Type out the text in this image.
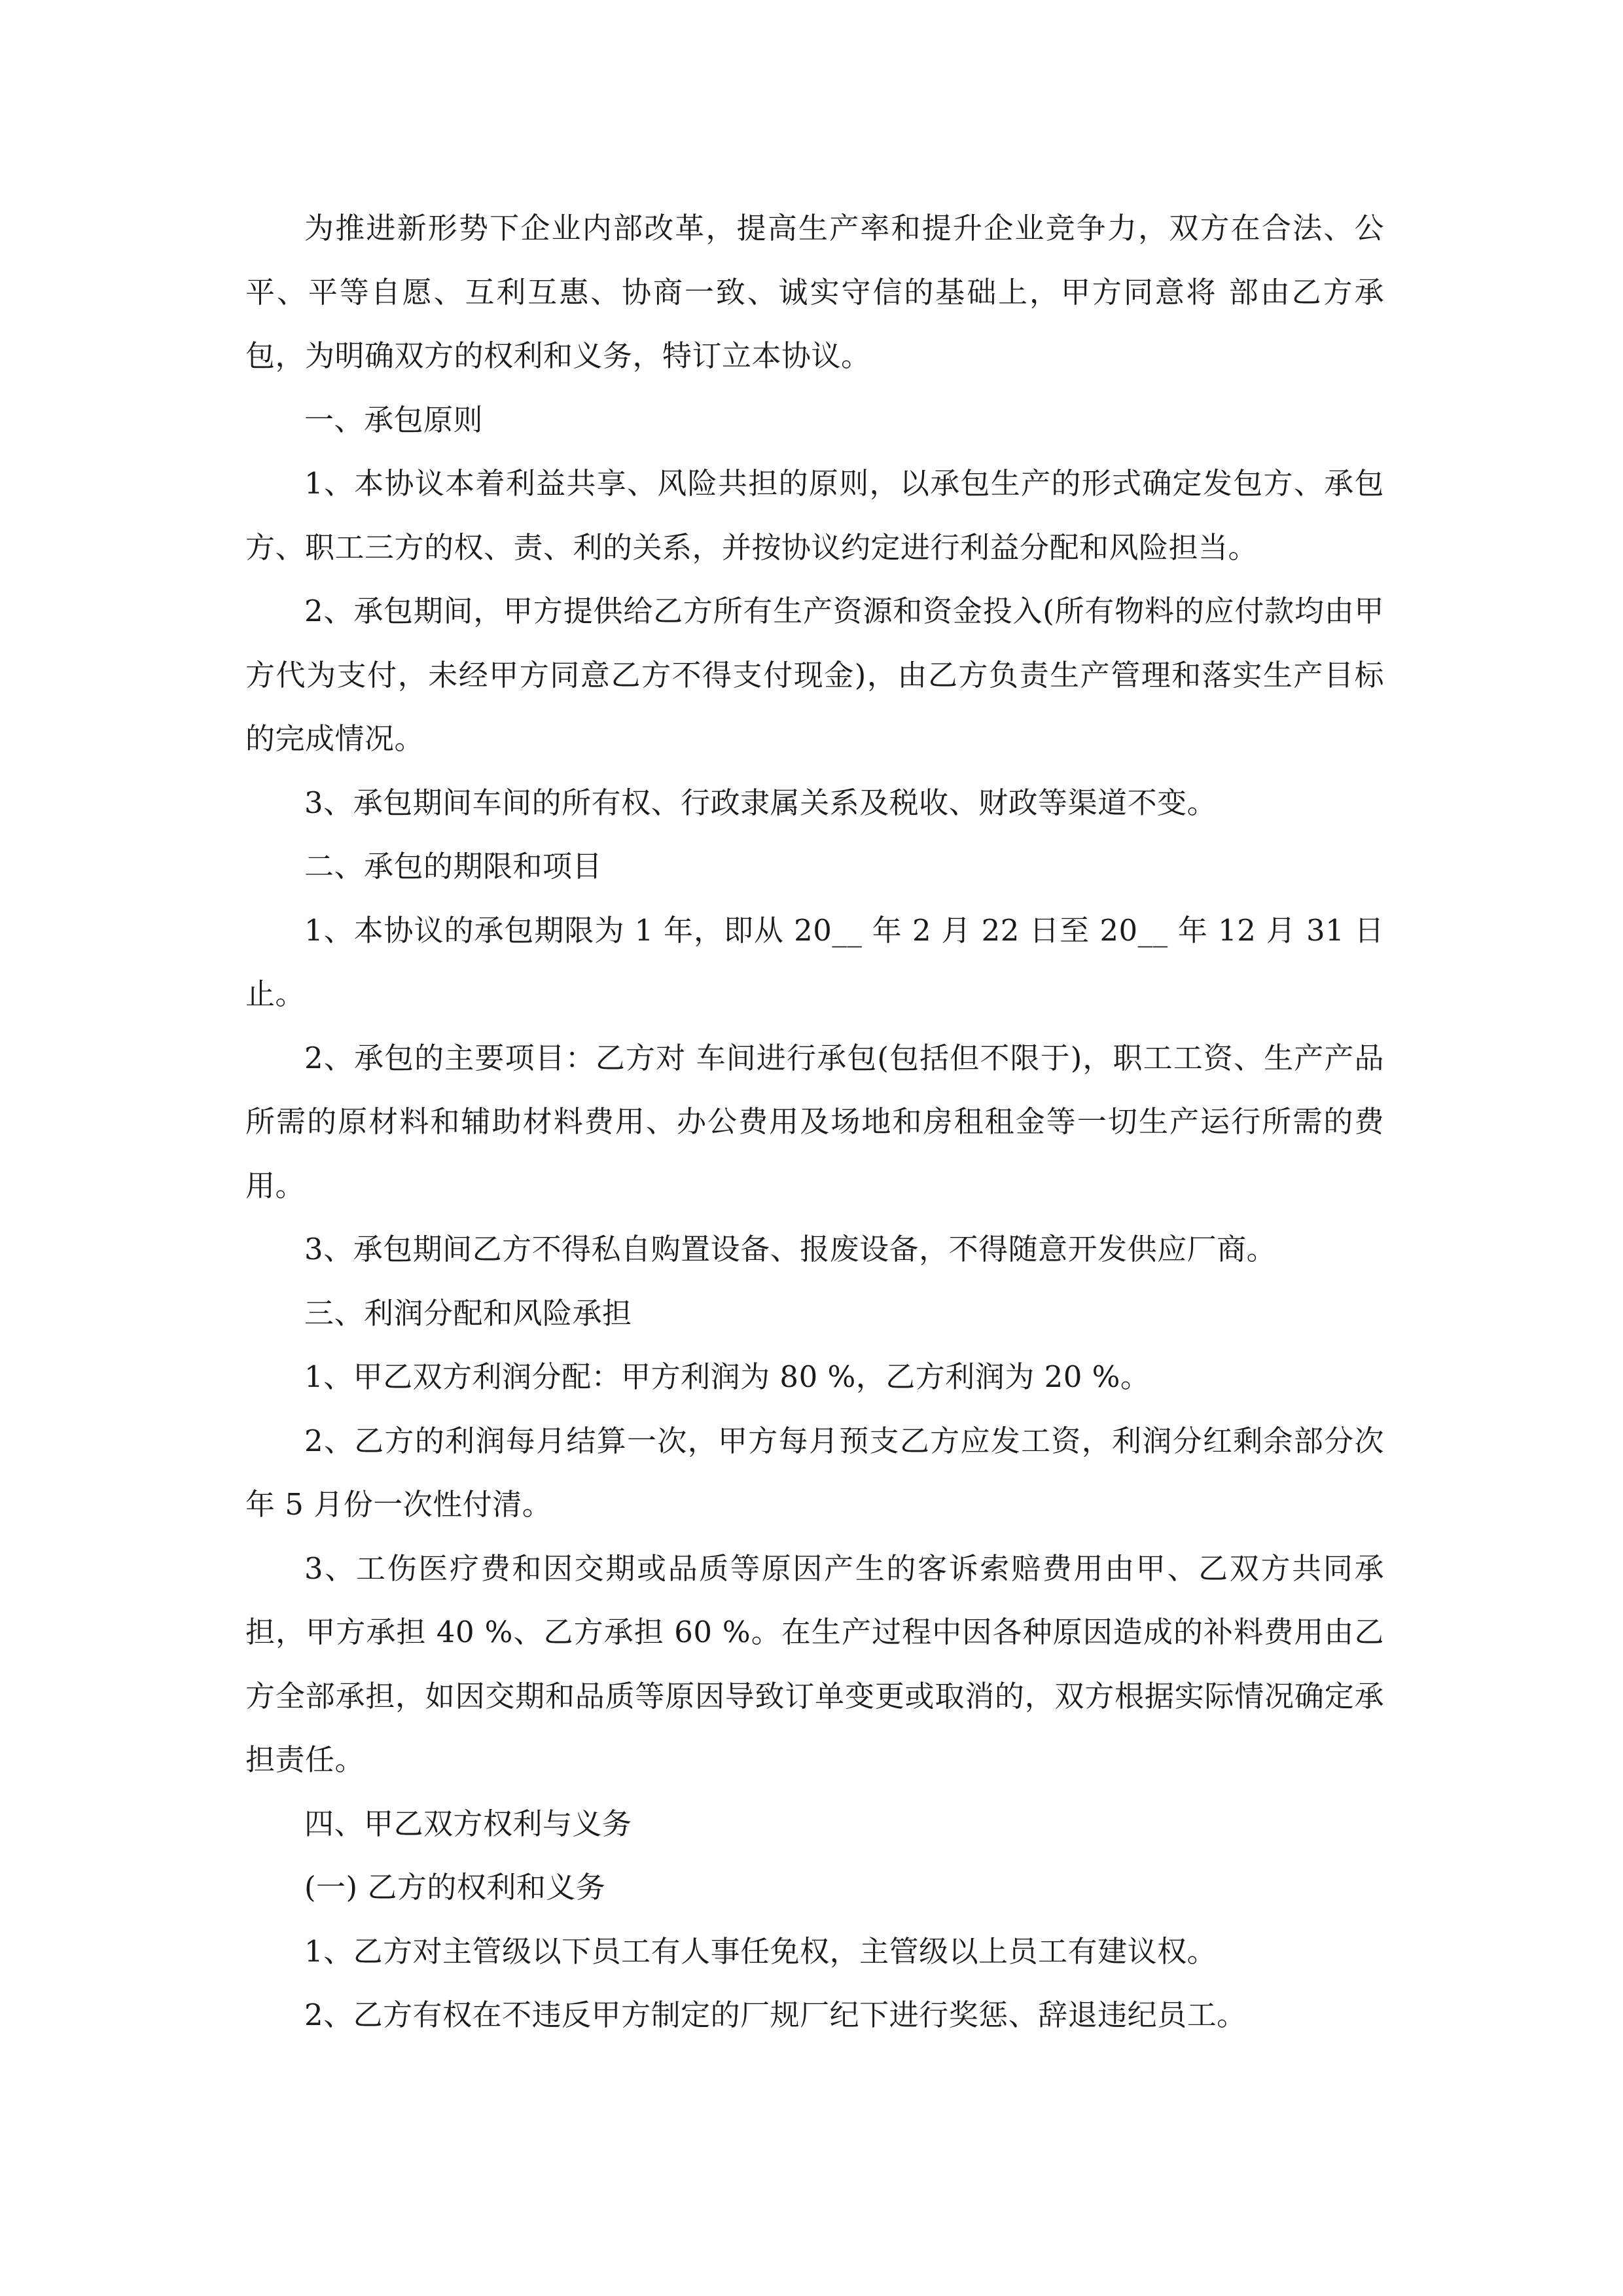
为推进新形势下企业内部改革，提高生产率和提升企业竞争力，双方在合法、公平、平等自愿、互利互惠、协商一致、诚实守信的基础上，甲方同意将 部由乙方承包，为明确双方的权利和义务，特订立本协议。

一、承包原则

1、本协议本着利益共享、风险共担的原则，以承包生产的形式确定发包方、承包方、职工三方的权、责、利的关系，并按协议约定进行利益分配和风险担当。

2、承包期间，甲方提供给乙方所有生产资源和资金投入(所有物料的应付款均由甲方代为支付，未经甲方同意乙方不得支付现金)，由乙方负责生产管理和落实生产目标的完成情况。

3、承包期间车间的所有权、行政隶属关系及税收、财政等渠道不变。

二、承包的期限和项目

1、本协议的承包期限为 1 年，即从 20__ 年 2 月 22 日至 20__ 年 12 月 31 日止。

2、承包的主要项目：乙方对 车间进行承包(包括但不限于)，职工工资、生产产品所需的原材料和辅助材料费用、办公费用及场地和房租租金等一切生产运行所需的费用。

3、承包期间乙方不得私自购置设备、报废设备，不得随意开发供应厂商。

三、利润分配和风险承担

1、甲乙双方利润分配：甲方利润为 80 %，乙方利润为 20 %。

2、乙方的利润每月结算一次，甲方每月预支乙方应发工资，利润分红剩余部分次年 5 月份一次性付清。

3、工伤医疗费和因交期或品质等原因产生的客诉索赔费用由甲、乙双方共同承担，甲方承担 40 %、乙方承担 60 %。在生产过程中因各种原因造成的补料费用由乙方全部承担，如因交期和品质等原因导致订单变更或取消的，双方根据实际情况确定承担责任。

四、甲乙双方权利与义务

(一) 乙方的权利和义务

1、乙方对主管级以下员工有人事任免权，主管级以上员工有建议权。

2、乙方有权在不违反甲方制定的厂规厂纪下进行奖惩、辞退违纪员工。
